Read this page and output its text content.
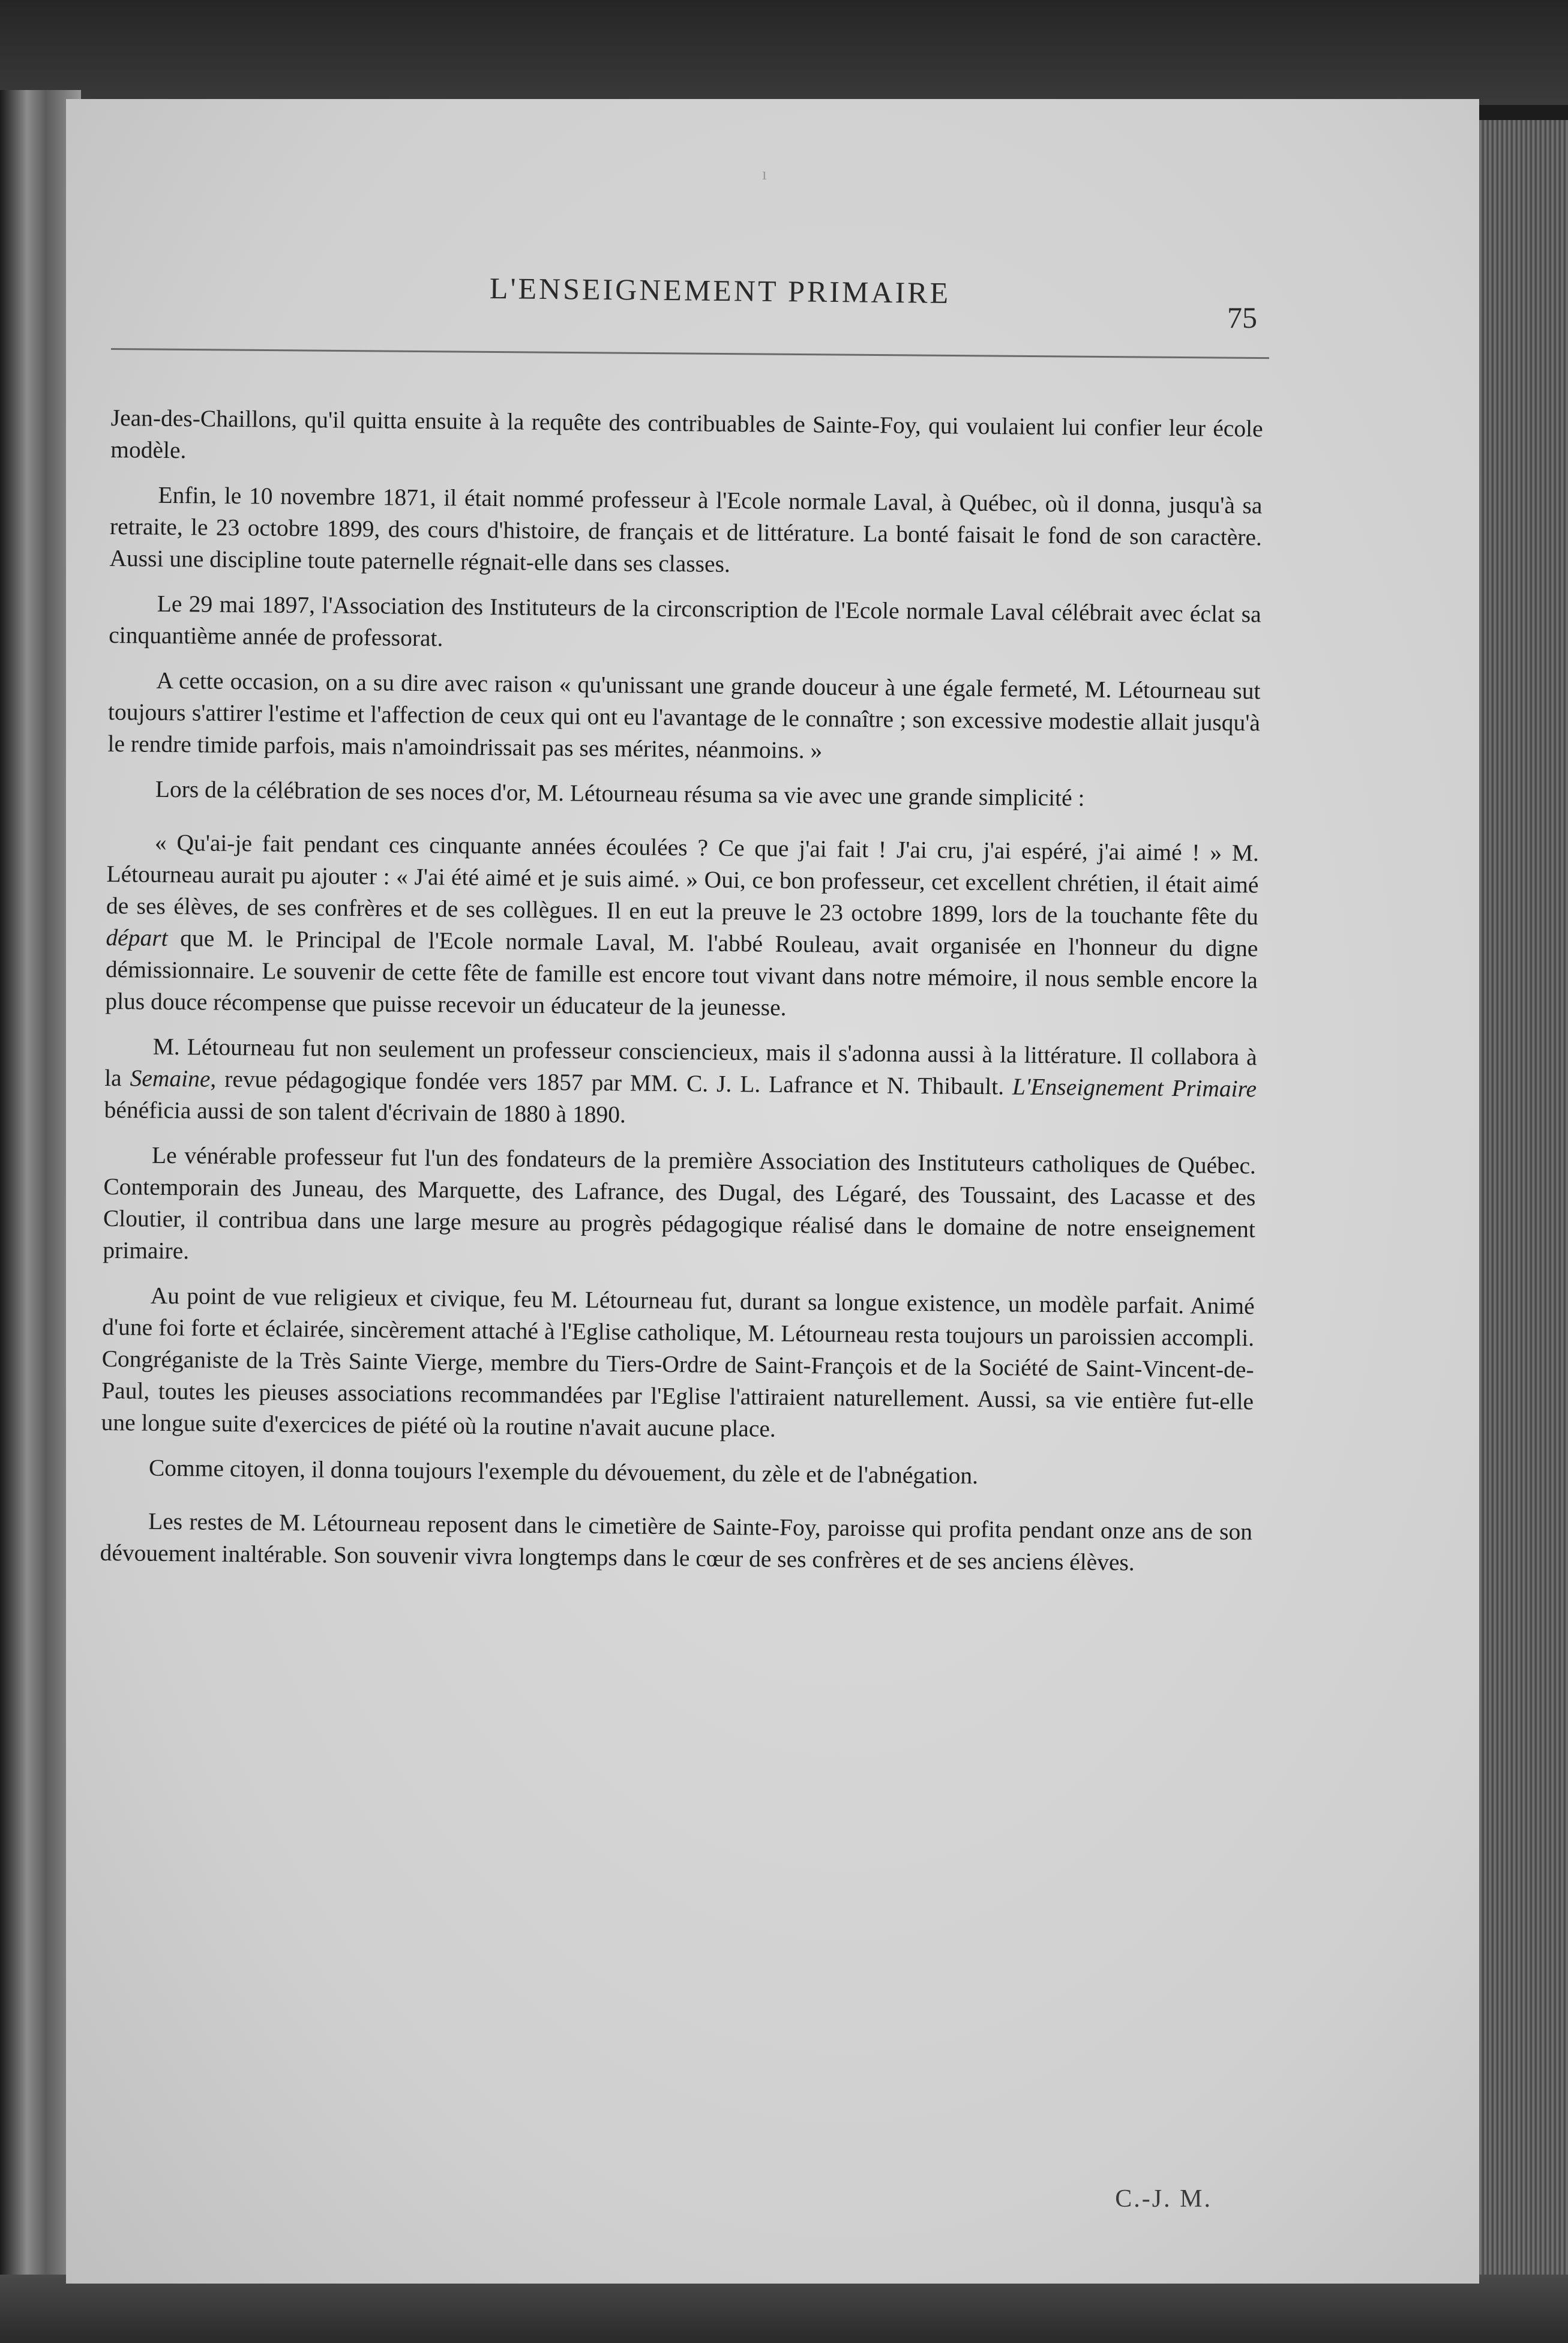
ı
L'ENSEIGNEMENT PRIMAIRE
75

Jean-des-Chaillons, qu'il quitta ensuite à la requête des contribuables de Sainte-Foy, qui voulaient lui confier leur école modèle.

Enfin, le 10 novembre 1871, il était nommé professeur à l'Ecole normale Laval, à Québec, où il donna, jusqu'à sa retraite, le 23 octobre 1899, des cours d'histoire, de français et de littérature. La bonté faisait le fond de son caractère. Aussi une discipline toute paternelle régnait-elle dans ses classes.

Le 29 mai 1897, l'Association des Instituteurs de la circonscription de l'Ecole normale Laval célébrait avec éclat sa cinquantième année de professorat.

A cette occasion, on a su dire avec raison « qu'unissant une grande douceur à une égale fermeté, M. Létourneau sut toujours s'attirer l'estime et l'affection de ceux qui ont eu l'avantage de le connaître ; son excessive modestie allait jusqu'à le rendre timide parfois, mais n'amoindrissait pas ses mérites, néanmoins. »

Lors de la célébration de ses noces d'or, M. Létourneau résuma sa vie avec une grande simplicité :

« Qu'ai-je fait pendant ces cinquante années écoulées ? Ce que j'ai fait ! J'ai cru, j'ai espéré, j'ai aimé ! » M. Létourneau aurait pu ajouter : « J'ai été aimé et je suis aimé. » Oui, ce bon professeur, cet excellent chrétien, il était aimé de ses élèves, de ses confrères et de ses collègues. Il en eut la preuve le 23 octobre 1899, lors de la touchante fête du départ que M. le Principal de l'Ecole normale Laval, M. l'abbé Rouleau, avait organisée en l'honneur du digne démissionnaire. Le souvenir de cette fête de famille est encore tout vivant dans notre mémoire, il nous semble encore la plus douce récompense que puisse recevoir un éducateur de la jeunesse.

M. Létourneau fut non seulement un professeur consciencieux, mais il s'adonna aussi à la littérature. Il collabora à la Semaine, revue pédagogique fondée vers 1857 par MM. C. J. L. Lafrance et N. Thibault. L'Enseignement Primaire bénéficia aussi de son talent d'écrivain de 1880 à 1890.

Le vénérable professeur fut l'un des fondateurs de la première Association des Instituteurs catholiques de Québec. Contemporain des Juneau, des Marquette, des Lafrance, des Dugal, des Légaré, des Toussaint, des Lacasse et des Cloutier, il contribua dans une large mesure au progrès pédagogique réalisé dans le domaine de notre enseignement primaire.

Au point de vue religieux et civique, feu M. Létourneau fut, durant sa longue existence, un modèle parfait. Animé d'une foi forte et éclairée, sincèrement attaché à l'Eglise catholique, M. Létourneau resta toujours un paroissien accompli. Congréganiste de la Très Sainte Vierge, membre du Tiers-Ordre de Saint-François et de la Société de Saint-Vincent-de-Paul, toutes les pieuses associations recommandées par l'Eglise l'attiraient naturellement. Aussi, sa vie entière fut-elle une longue suite d'exercices de piété où la routine n'avait aucune place.

Comme citoyen, il donna toujours l'exemple du dévouement, du zèle et de l'abnégation.

Les restes de M. Létourneau reposent dans le cimetière de Sainte-Foy, paroisse qui profita pendant onze ans de son dévouement inaltérable. Son souvenir vivra longtemps dans le cœur de ses confrères et de ses anciens élèves.

C.-J. M.
